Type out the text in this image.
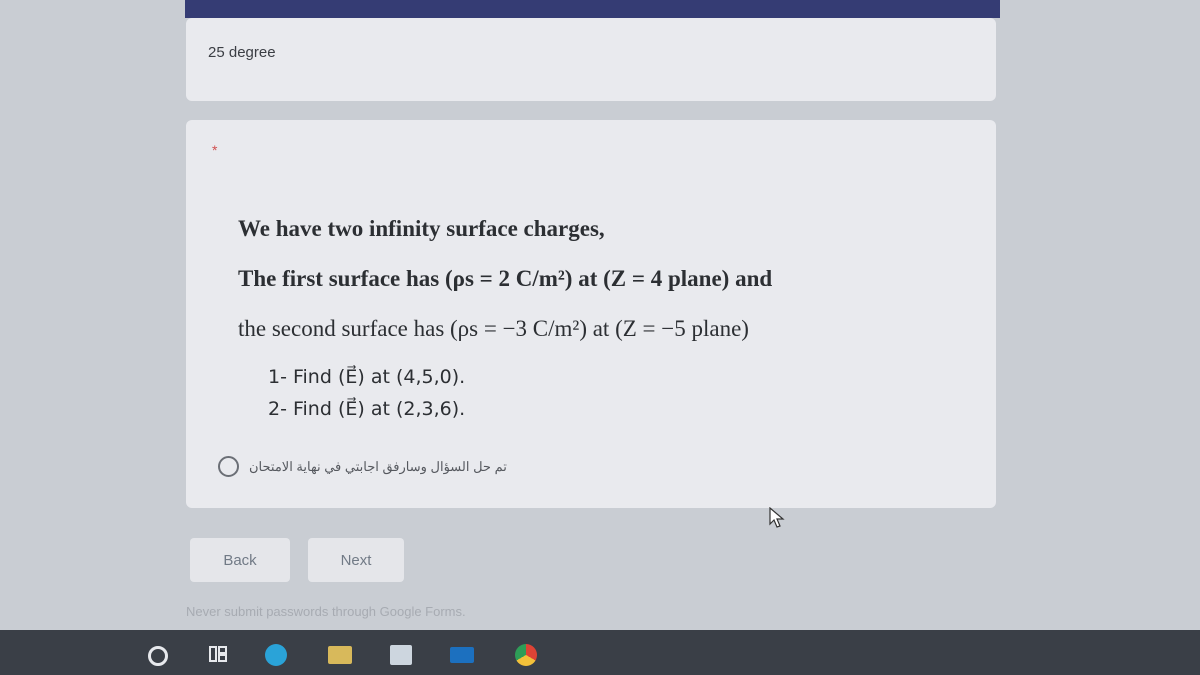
25 degree
*
We have two infinity surface charges,
The first surface has (ρs = 2 C/m²) at (Z = 4 plane) and
the second surface has (ρs = −3 C/m²) at (Z = −5 plane)
1- Find (E⃗) at (4,5,0).
2- Find (E⃗) at (2,3,6).
تم حل السؤال وسارفق اجابتي في نهاية الامتحان
Back	Next
Never submit passwords through Google Forms.
